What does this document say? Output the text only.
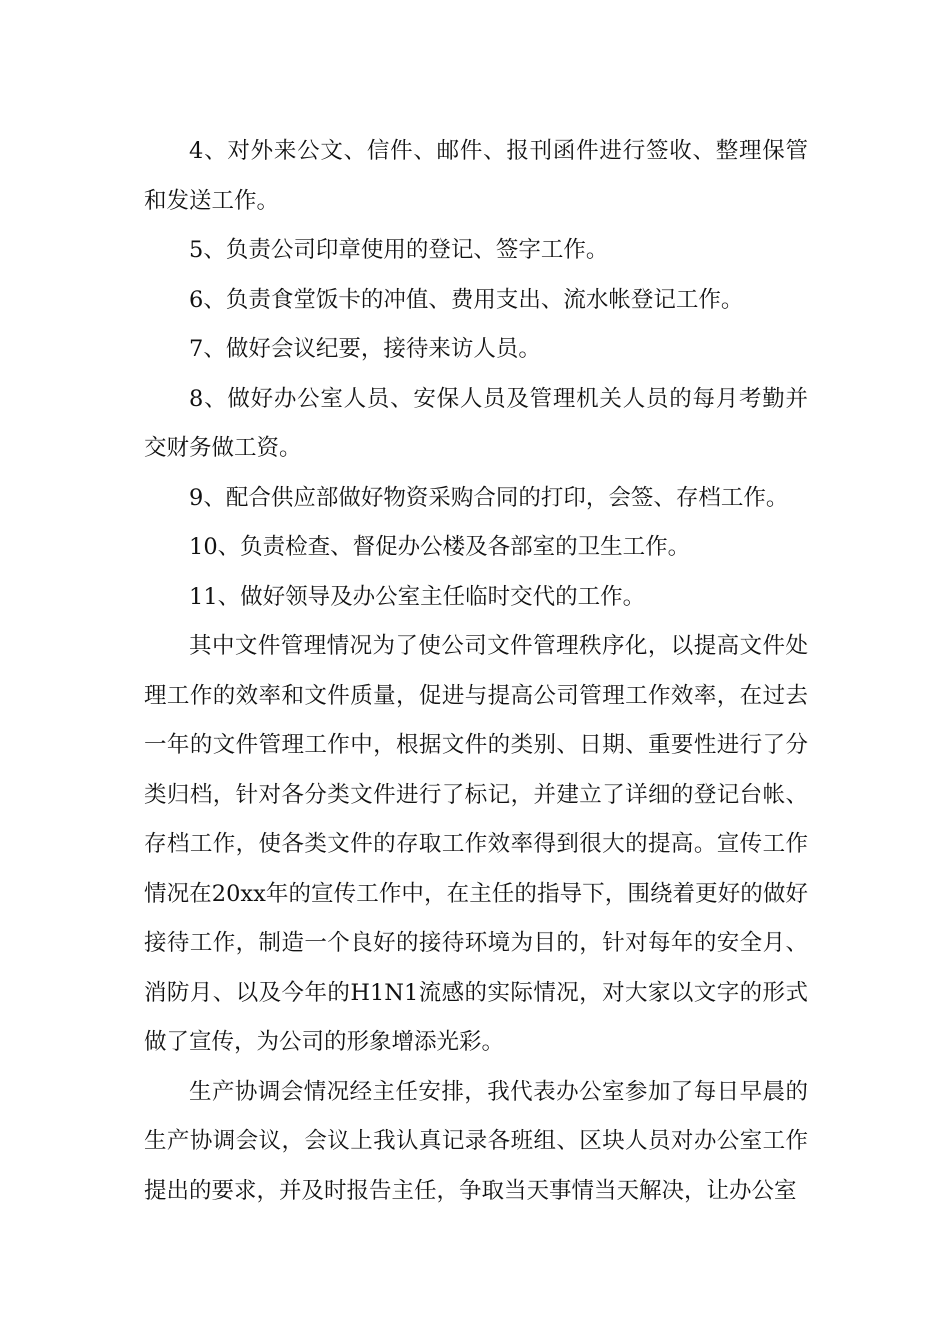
4、对外来公文、信件、邮件、报刊函件进行签收、整理保管和发送工作。

5、负责公司印章使用的登记、签字工作。

6、负责食堂饭卡的冲值、费用支出、流水帐登记工作。

7、做好会议纪要，接待来访人员。

8、做好办公室人员、安保人员及管理机关人员的每月考勤并交财务做工资。

9、配合供应部做好物资采购合同的打印，会签、存档工作。

10、负责检查、督促办公楼及各部室的卫生工作。

11、做好领导及办公室主任临时交代的工作。

其中文件管理情况为了使公司文件管理秩序化，以提高文件处理工作的效率和文件质量，促进与提高公司管理工作效率，在过去一年的文件管理工作中，根据文件的类别、日期、重要性进行了分类归档，针对各分类文件进行了标记，并建立了详细的登记台帐、存档工作，使各类文件的存取工作效率得到很大的提高。宣传工作情况在20xx年的宣传工作中，在主任的指导下，围绕着更好的做好接待工作，制造一个良好的接待环境为目的，针对每年的安全月、消防月、以及今年的H1N1流感的实际情况，对大家以文字的形式做了宣传，为公司的形象增添光彩。

生产协调会情况经主任安排，我代表办公室参加了每日早晨的生产协调会议，会议上我认真记录各班组、区块人员对办公室工作提出的要求，并及时报告主任，争取当天事情当天解决，让办公室
